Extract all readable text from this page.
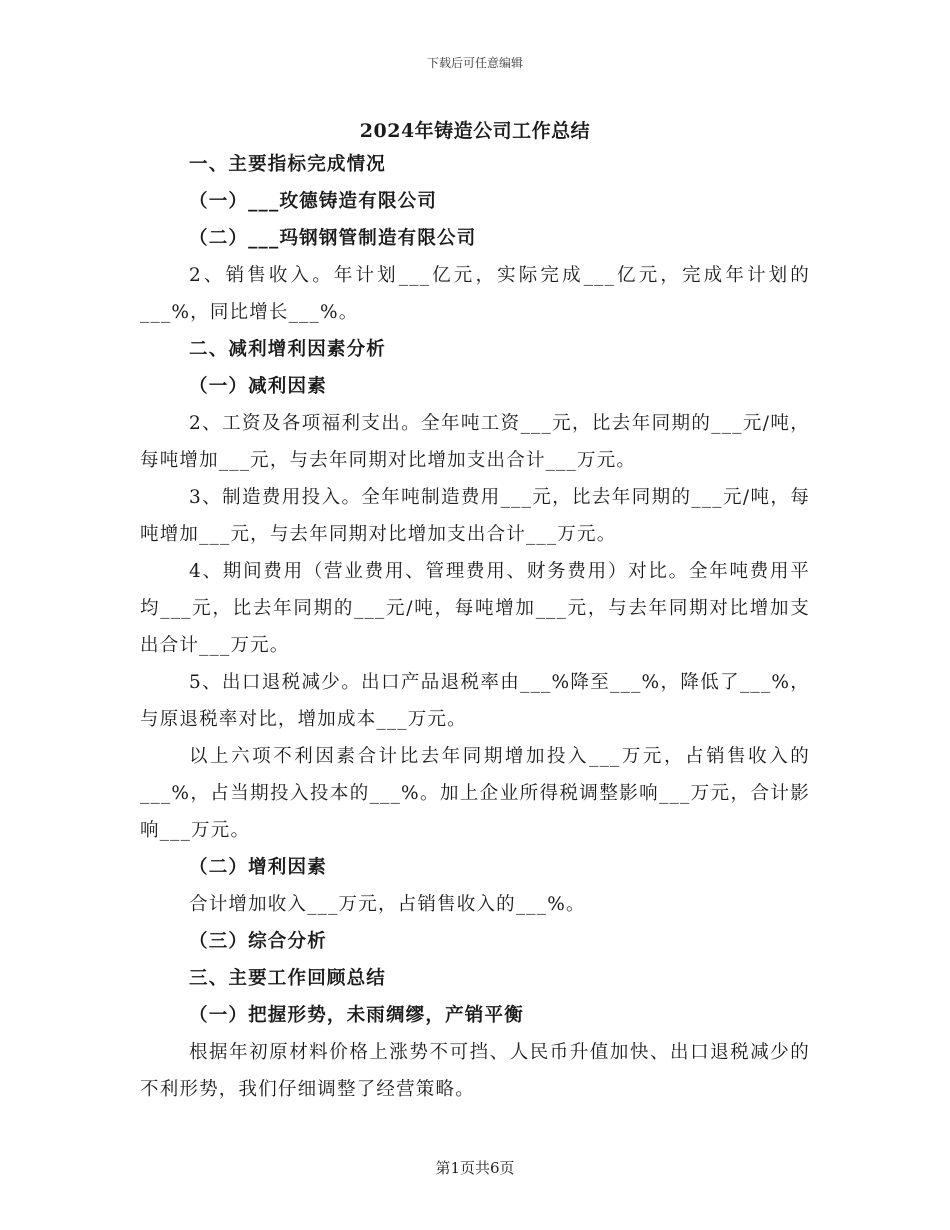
下载后可任意编辑
2024年铸造公司工作总结

一、主要指标完成情况

（一）___玫德铸造有限公司

（二）___玛钢钢管制造有限公司

2、销售收入。年计划___亿元，实际完成___亿元，完成年计划的___%，同比增长___%。

二、减利增利因素分析

（一）减利因素

2、工资及各项福利支出。全年吨工资___元，比去年同期的___元/吨，每吨增加___元，与去年同期对比增加支出合计___万元。

3、制造费用投入。全年吨制造费用___元，比去年同期的___元/吨，每吨增加___元，与去年同期对比增加支出合计___万元。

4、期间费用（营业费用、管理费用、财务费用）对比。全年吨费用平均___元，比去年同期的___元/吨，每吨增加___元，与去年同期对比增加支出合计___万元。

5、出口退税减少。出口产品退税率由___%降至___%，降低了___%，与原退税率对比，增加成本___万元。

以上六项不利因素合计比去年同期增加投入___万元，占销售收入的___%，占当期投入投本的___%。加上企业所得税调整影响___万元，合计影响___万元。

（二）增利因素

合计增加收入___万元，占销售收入的___%。

（三）综合分析

三、主要工作回顾总结

（一）把握形势，未雨绸缪，产销平衡

根据年初原材料价格上涨势不可挡、人民币升值加快、出口退税减少的不利形势，我们仔细调整了经营策略。

第1页共6页
